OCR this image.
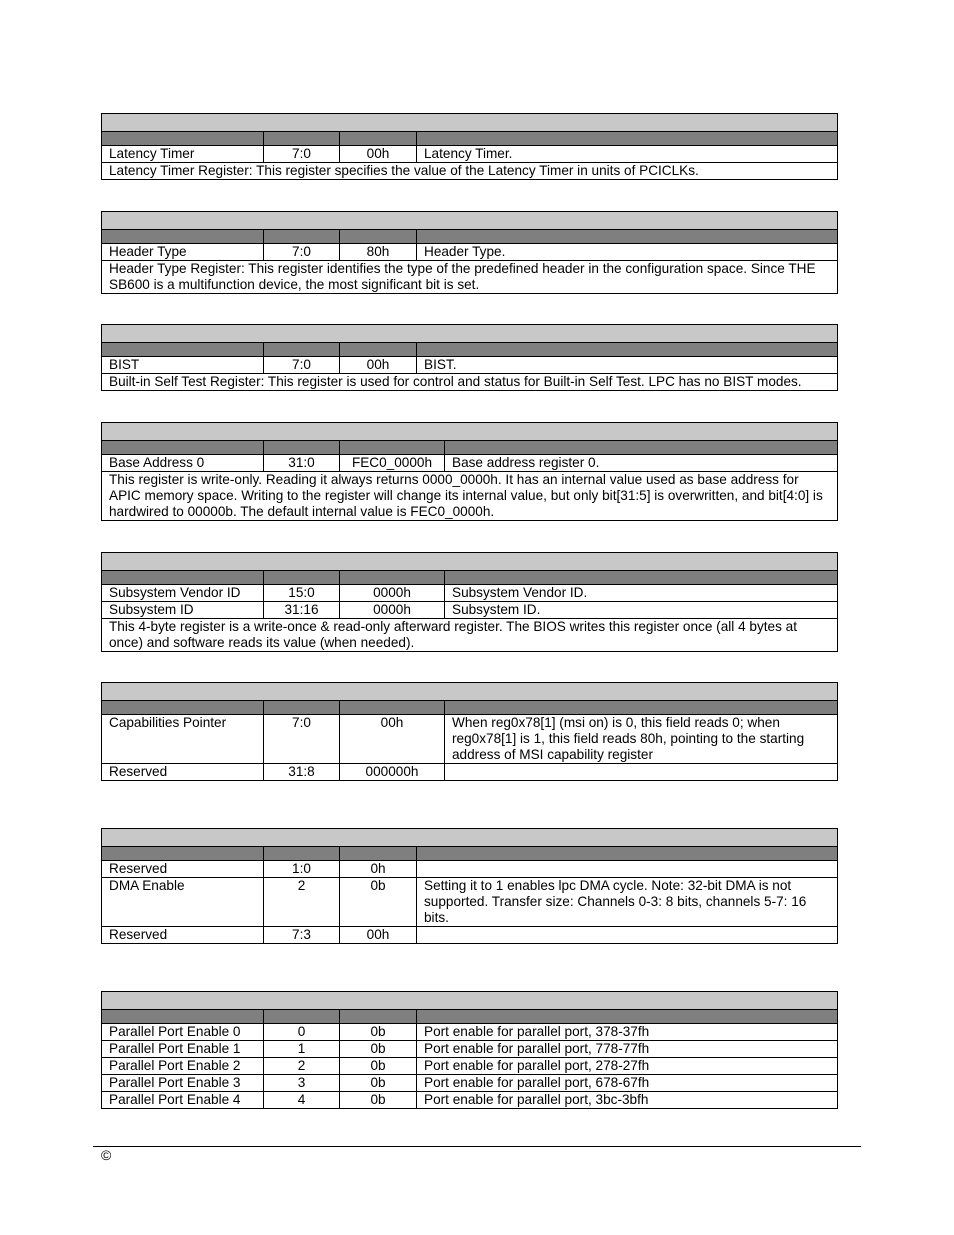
Latency Timer	7:0	00h	Latency Timer.
Latency Timer Register: This register specifies the value of the Latency Timer in units of PCICLKs.			

Header Type	7:0	80h	Header Type.
Header Type Register: This register identifies the type of the predefined header in the configuration space. Since THE SB600 is a multifunction device, the most significant bit is set.			

BIST	7:0	00h	BIST.
Built-in Self Test Register: This register is used for control and status for Built-in Self Test. LPC has no BIST modes.			

Base Address 0	31:0	FEC0_0000h	Base address register 0.
This register is write-only. Reading it always returns 0000_0000h. It has an internal value used as base address for APIC memory space. Writing to the register will change its internal value, but only bit[31:5] is overwritten, and bit[4:0] is hardwired to 00000b. The default internal value is FEC0_0000h.			

Subsystem Vendor ID	15:0	0000h	Subsystem Vendor ID.
Subsystem ID	31:16	0000h	Subsystem ID.
This 4-byte register is a write-once & read-only afterward register. The BIOS writes this register once (all 4 bytes at once) and software reads its value (when needed).			

Capabilities Pointer	7:0	00h	When reg0x78[1] (msi on) is 0, this field reads 0; when reg0x78[1] is 1, this field reads 80h, pointing to the starting address of MSI capability register
Reserved	31:8	000000h	

Reserved	1:0	0h	
DMA Enable	2	0b	Setting it to 1 enables lpc DMA cycle. Note: 32-bit DMA is not supported. Transfer size: Channels 0-3: 8 bits, channels 5-7: 16 bits.
Reserved	7:3	00h	

Parallel Port Enable 0	0	0b	Port enable for parallel port, 378-37fh
Parallel Port Enable 1	1	0b	Port enable for parallel port, 778-77fh
Parallel Port Enable 2	2	0b	Port enable for parallel port, 278-27fh
Parallel Port Enable 3	3	0b	Port enable for parallel port, 678-67fh
Parallel Port Enable 4	4	0b	Port enable for parallel port, 3bc-3bfh
©
